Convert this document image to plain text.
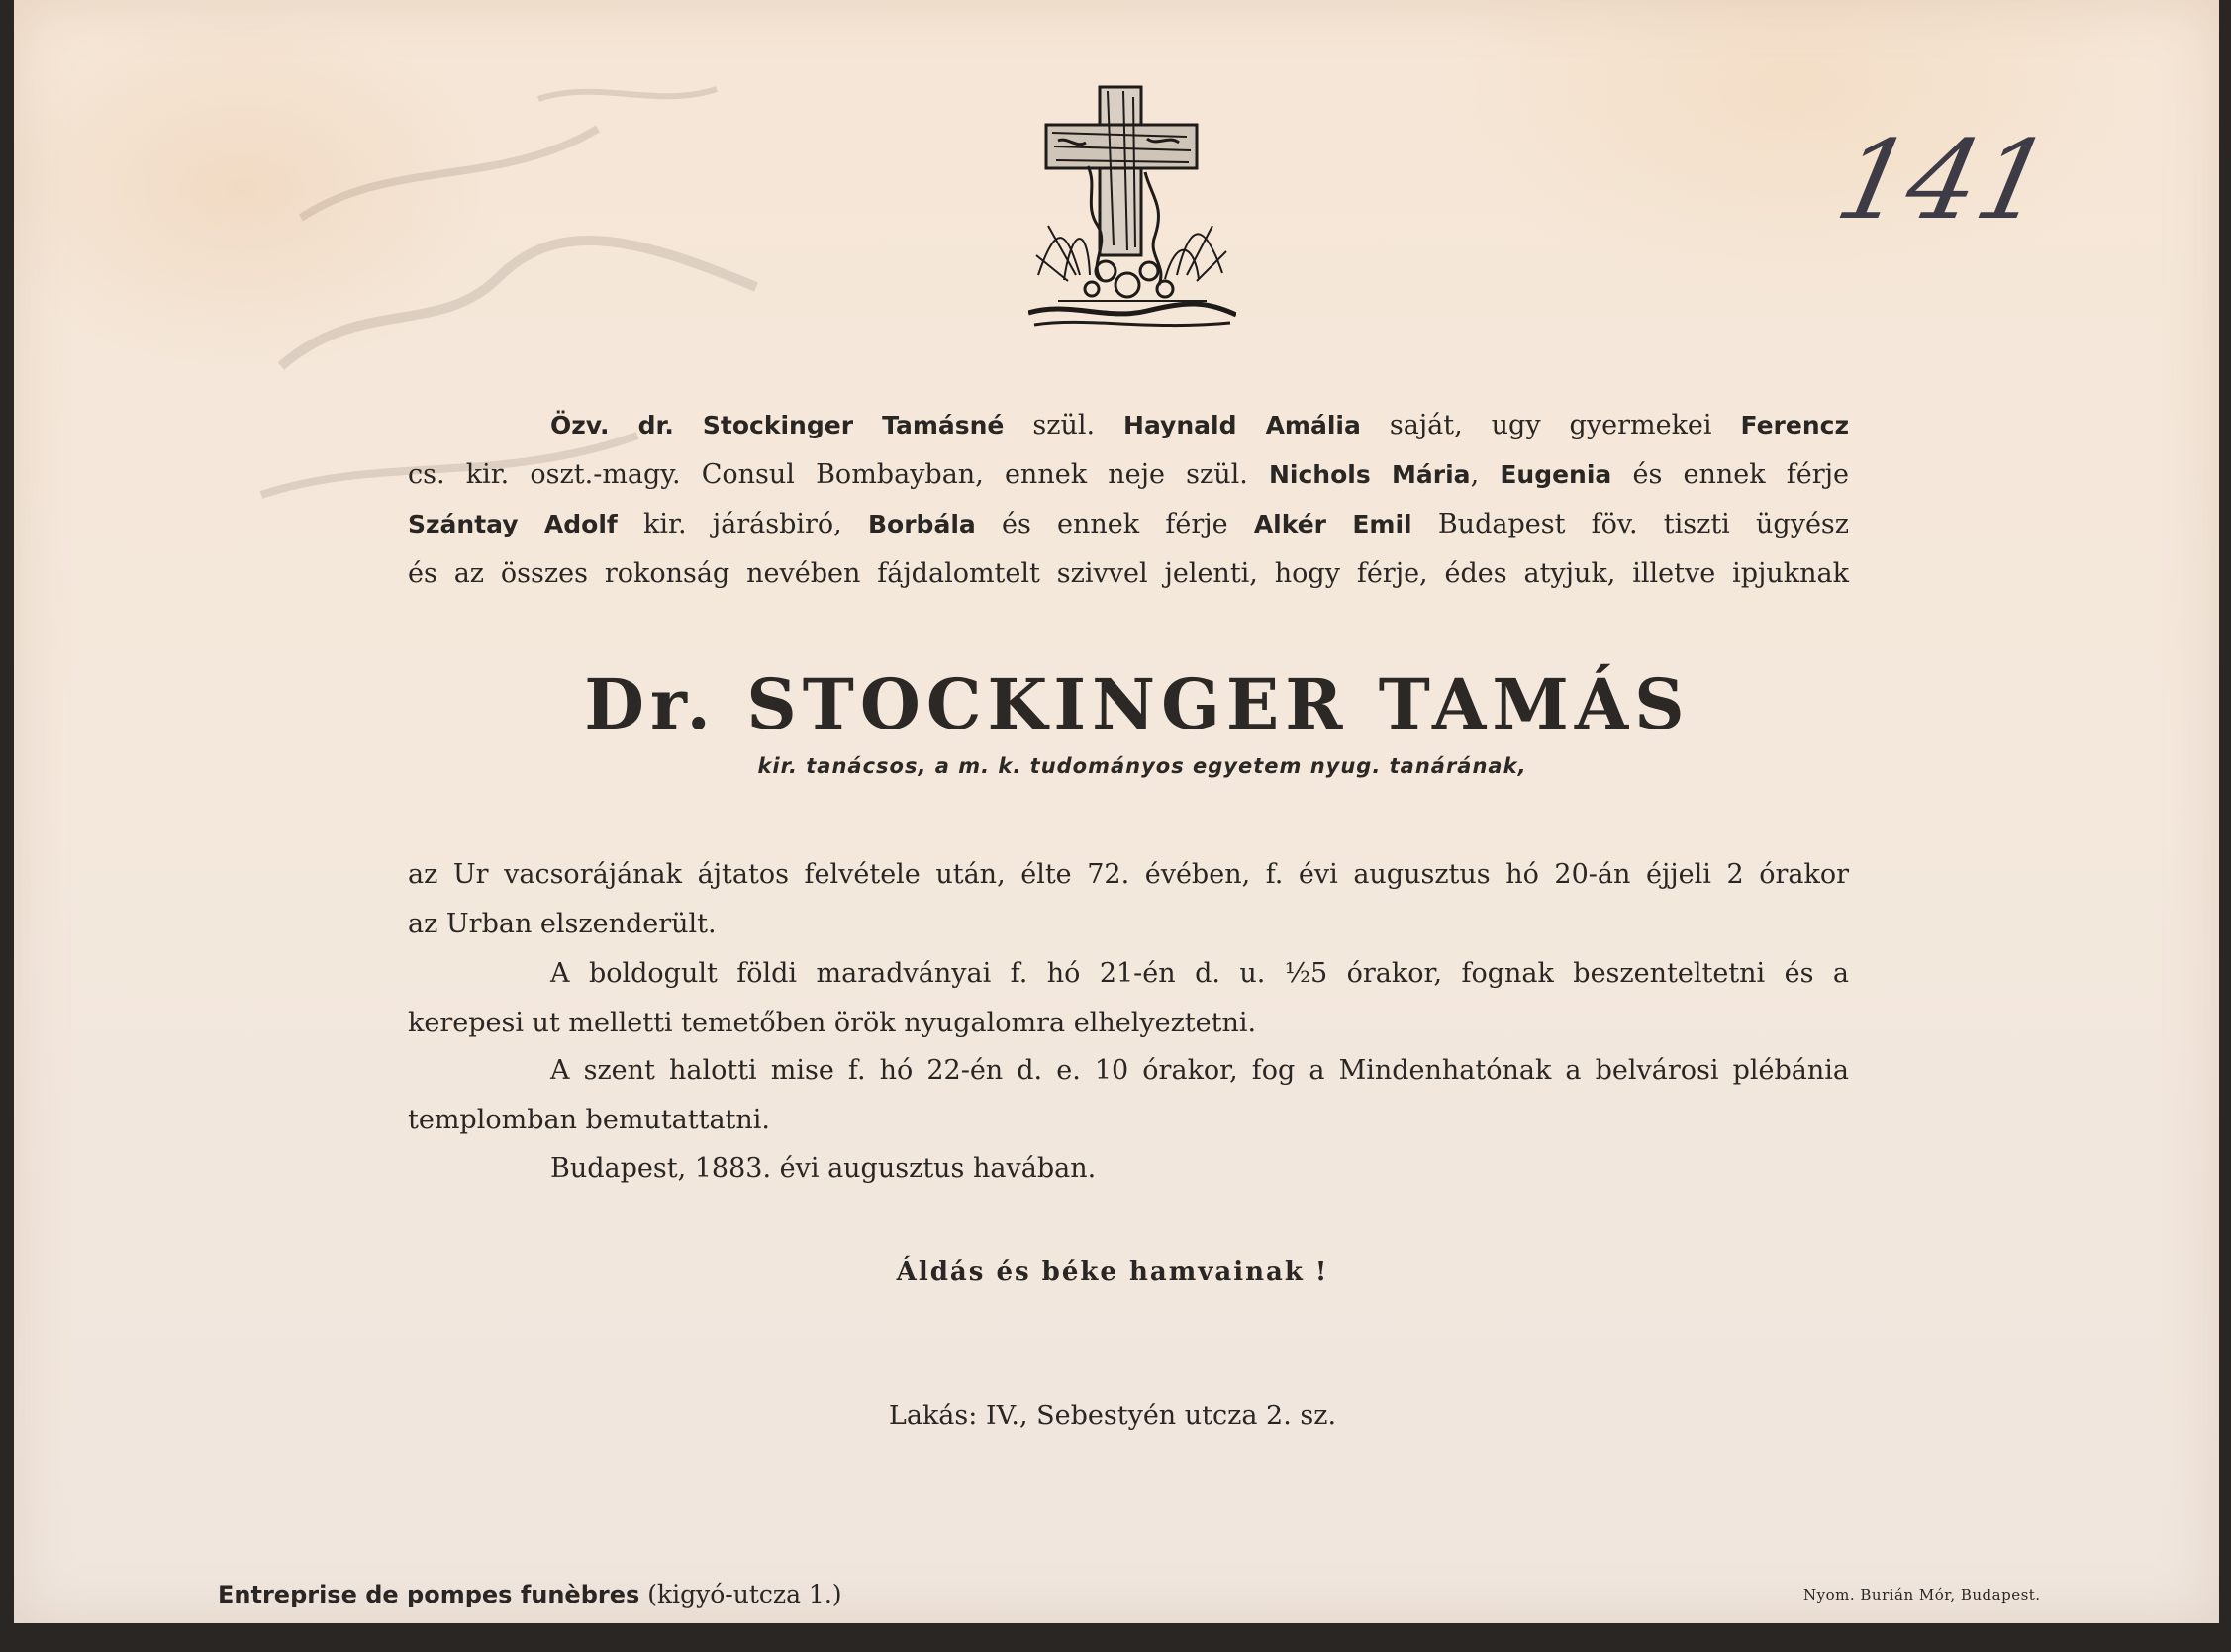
141

Özv. dr. Stockinger Tamásné szül. Haynald Amália saját, ugy gyermekei Ferencz

cs. kir. oszt.-magy. Consul Bombayban, ennek neje szül. Nichols Mária, Eugenia és ennek férje

Szántay Adolf kir. járásbiró, Borbála és ennek férje Alkér Emil Budapest föv. tiszti ügyész

és az összes rokonság nevében fájdalomtelt szivvel jelenti, hogy férje, édes atyjuk, illetve ipjuknak

Dr. STOCKINGER TAMÁS

kir. tanácsos, a m. k. tudományos egyetem nyug. tanárának,

az Ur vacsorájának ájtatos felvétele után, élte 72. évében, f. évi augusztus hó 20-án éjjeli 2 órakor

az Urban elszenderült.

A boldogult földi maradványai f. hó 21-én d. u. ½5 órakor, fognak beszenteltetni és a

kerepesi ut melletti temetőben örök nyugalomra elhelyeztetni.

A szent halotti mise f. hó 22-én d. e. 10 órakor, fog a Mindenhatónak a belvárosi plébánia

templomban bemutattatni.

Budapest, 1883. évi augusztus havában.

Áldás és béke hamvainak !

Lakás: IV., Sebestyén utcza 2. sz.

Entreprise de pompes funèbres (kigyó-utcza 1.)	Nyom. Burián Mór, Budapest.
